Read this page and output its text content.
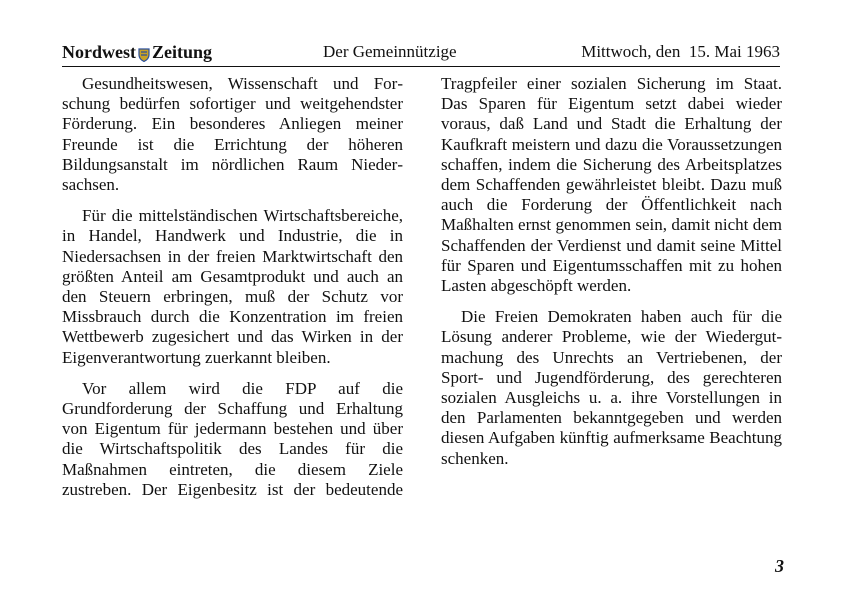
Nordwest Zeitung	Der Gemeinnützige	Mittwoch, den  15. Mai 1963

Gesundheitswesen, Wissenschaft und Forschung bedürfen sofortiger und weitgehendster Förderung. Ein besonderes Anliegen meiner Freunde ist die Errichtung der höheren Bildungsanstalt im nördlichen Raum Niedersachsen.

Für die mittelständischen Wirtschaftsbereiche, in Handel, Handwerk und Industrie, die in Niedersachsen in der freien Marktwirtschaft den größten Anteil am Gesamtprodukt und auch an den Steuern erbringen, muß der Schutz vor Missbrauch durch die Konzentration im freien Wettbewerb zugesichert und das Wirken in der Eigenverantwortung zuerkannt bleiben.

Vor allem wird die FDP auf die Grundforderung der Schaffung und Erhaltung von Eigentum für jedermann bestehen und über die Wirtschaftspolitik des Landes für die Maßnahmen eintreten, die diesem Ziele zustreben. Der Eigenbesitz ist der bedeutende

Tragpfeiler einer sozialen Sicherung im Staat. Das Sparen für Eigentum setzt dabei wieder voraus, daß Land und Stadt die Erhaltung der Kaufkraft meistern und dazu die Voraussetzungen schaffen, indem die Sicherung des Arbeitsplatzes dem Schaffenden gewährleistet bleibt. Dazu muß auch die Forderung der Öffentlichkeit nach Maßhalten ernst genommen sein, damit nicht dem Schaffenden der Verdienst und damit seine Mittel für Sparen und Eigentumsschaffen mit zu hohen Lasten abgeschöpft werden.

Die Freien Demokraten haben auch für die Lösung anderer Probleme, wie der Wiedergutmachung des Unrechts an Vertriebenen, der Sport- und Jugendförderung, des gerechteren sozialen Ausgleichs u. a. ihre Vorstellungen in den Parlamenten bekanntgegeben und werden diesen Aufgaben künftig aufmerksame Beachtung schenken.

3
